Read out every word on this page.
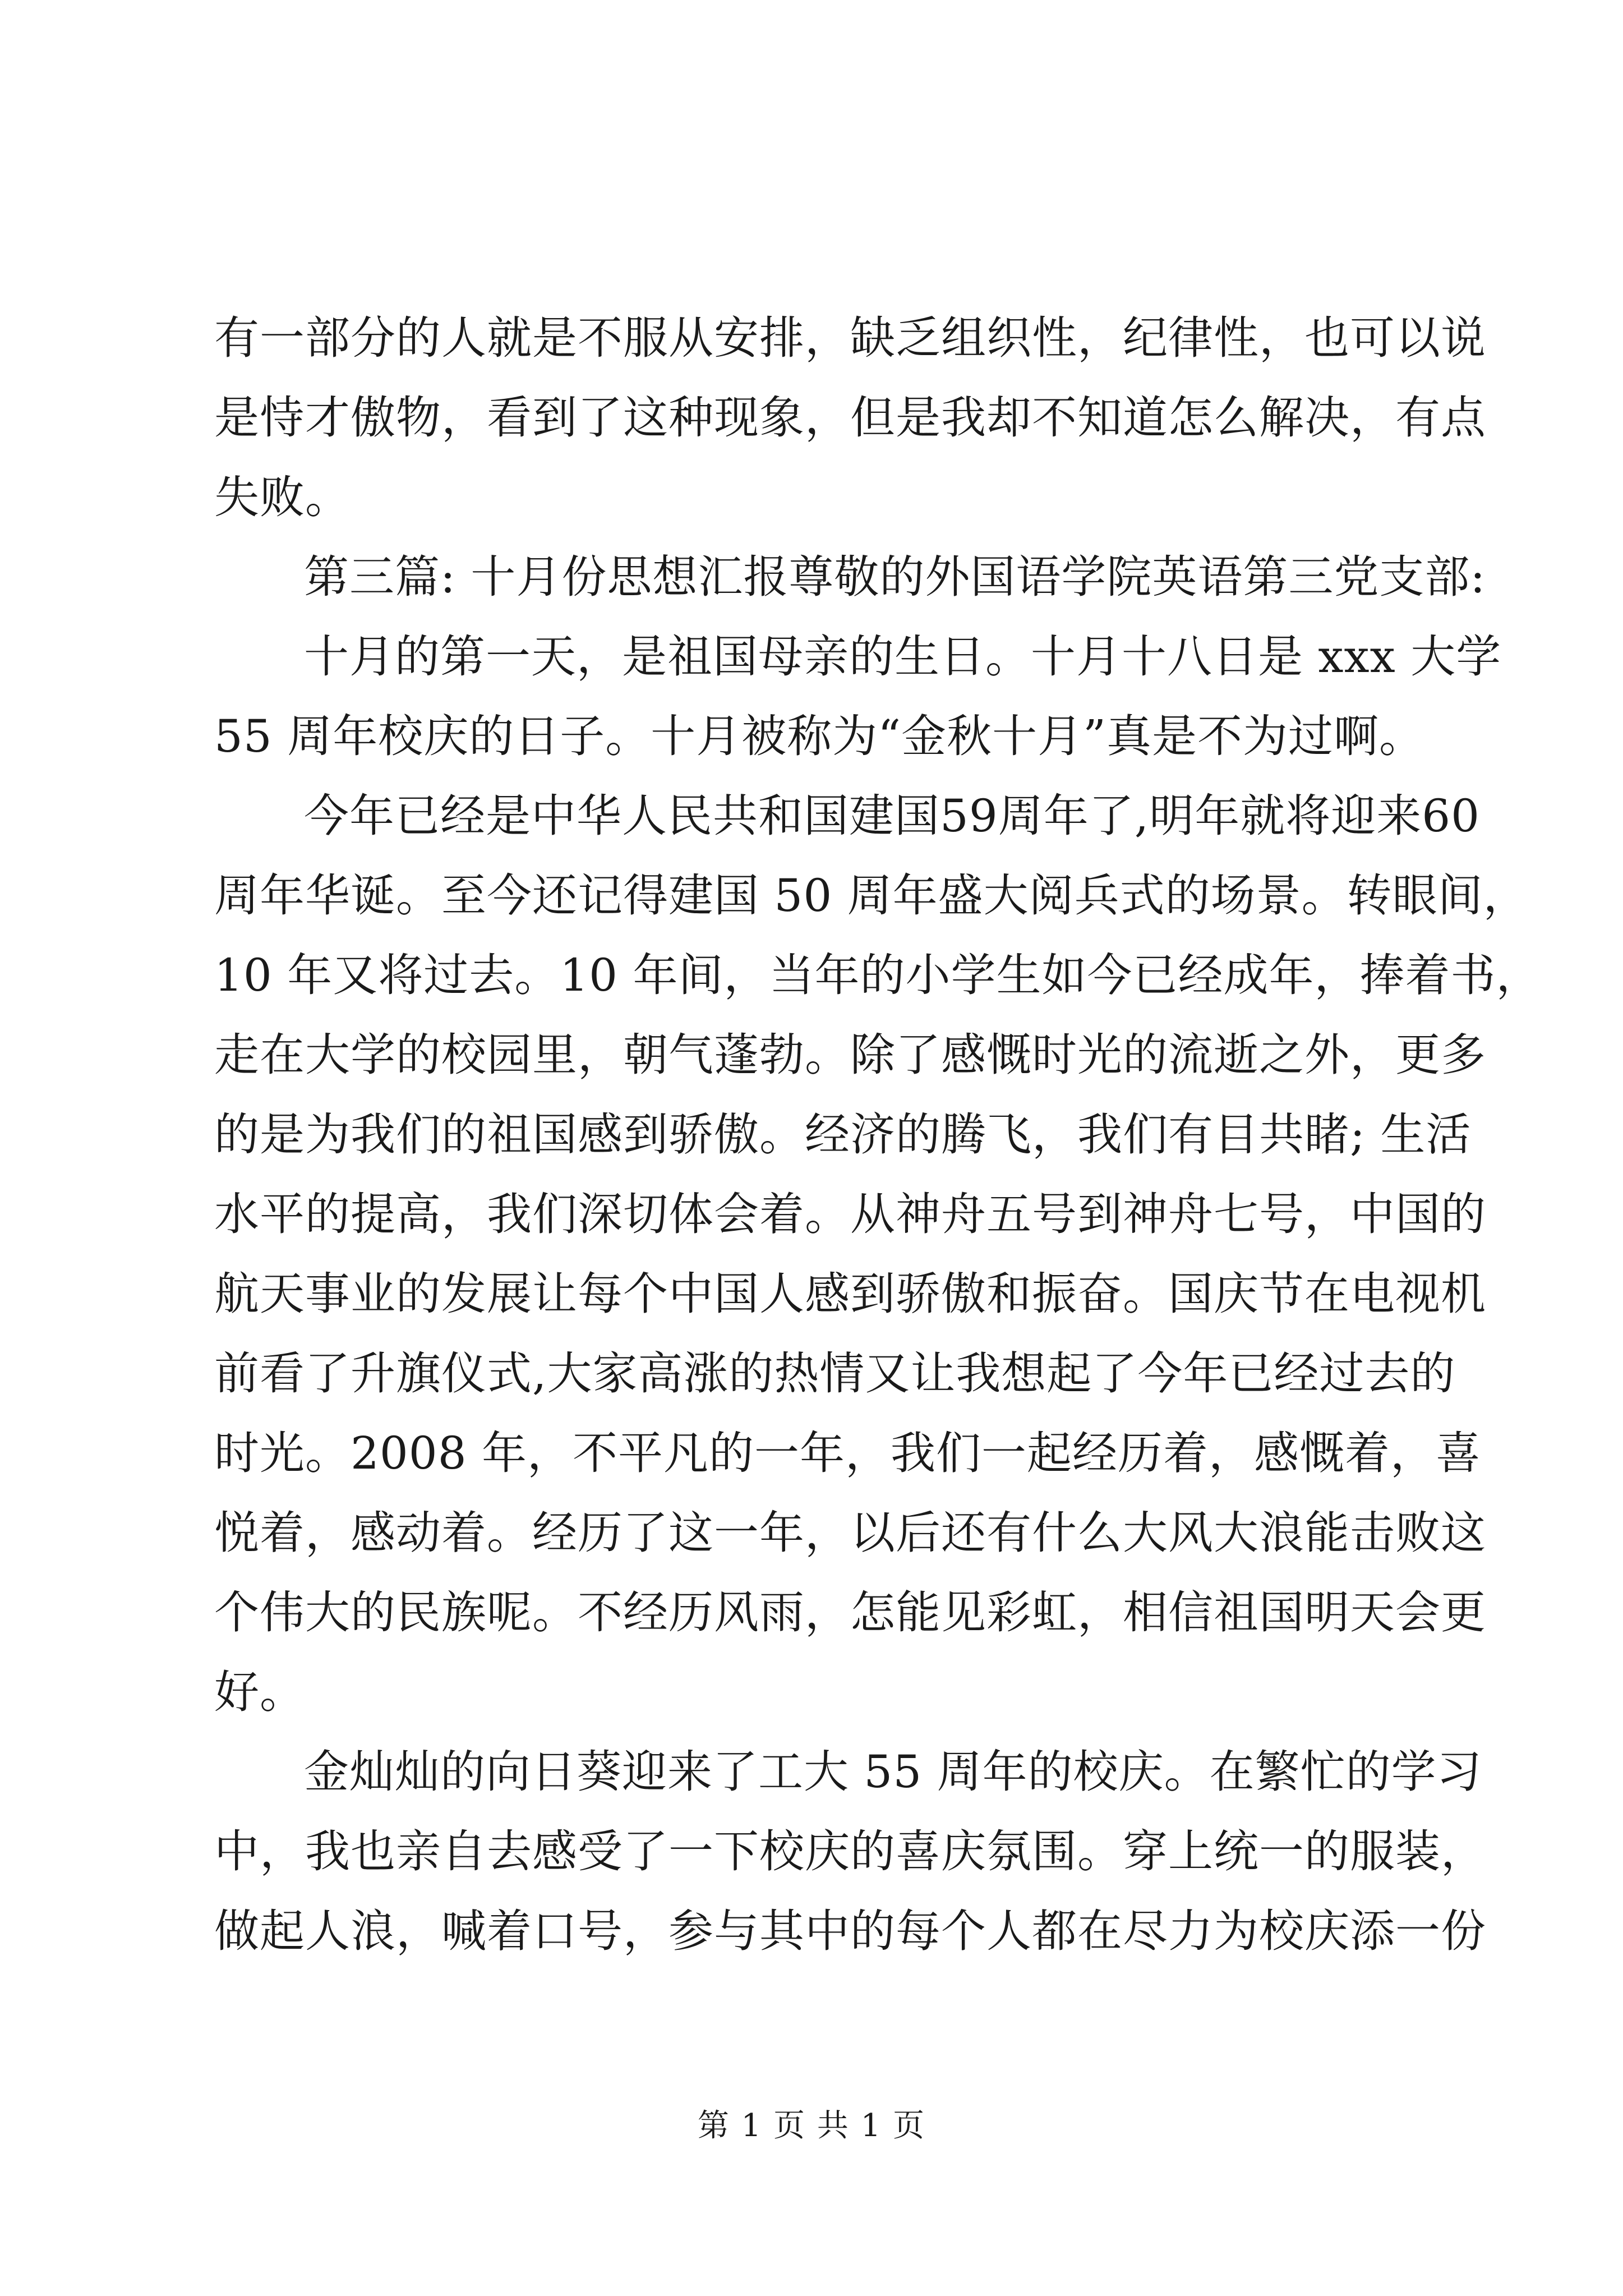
有一部分的人就是不服从安排，缺乏组织性，纪律性，也可以说
是恃才傲物，看到了这种现象，但是我却不知道怎么解决，有点
失败。
第三篇: 十月份思想汇报尊敬的外国语学院英语第三党支部:
十月的第一天，是祖国母亲的生日。十月十八日是 xxx 大学
55 周年校庆的日子。十月被称为“金秋十月”真是不为过啊。
今年已经是中华人民共和国建国59周年了,明年就将迎来60
周年华诞。至今还记得建国 50 周年盛大阅兵式的场景。转眼间，
10 年又将过去。10 年间，当年的小学生如今已经成年，捧着书，
走在大学的校园里，朝气蓬勃。除了感慨时光的流逝之外，更多
的是为我们的祖国感到骄傲。经济的腾飞，我们有目共睹; 生活
水平的提高，我们深切体会着。从神舟五号到神舟七号，中国的
航天事业的发展让每个中国人感到骄傲和振奋。国庆节在电视机
前看了升旗仪式,大家高涨的热情又让我想起了今年已经过去的
时光。2008 年，不平凡的一年，我们一起经历着，感慨着，喜
悦着，感动着。经历了这一年，以后还有什么大风大浪能击败这
个伟大的民族呢。不经历风雨，怎能见彩虹，相信祖国明天会更
好。
金灿灿的向日葵迎来了工大 55 周年的校庆。在繁忙的学习
中，我也亲自去感受了一下校庆的喜庆氛围。穿上统一的服装，
做起人浪，喊着口号，参与其中的每个人都在尽力为校庆添一份
第 1 页 共 1 页
